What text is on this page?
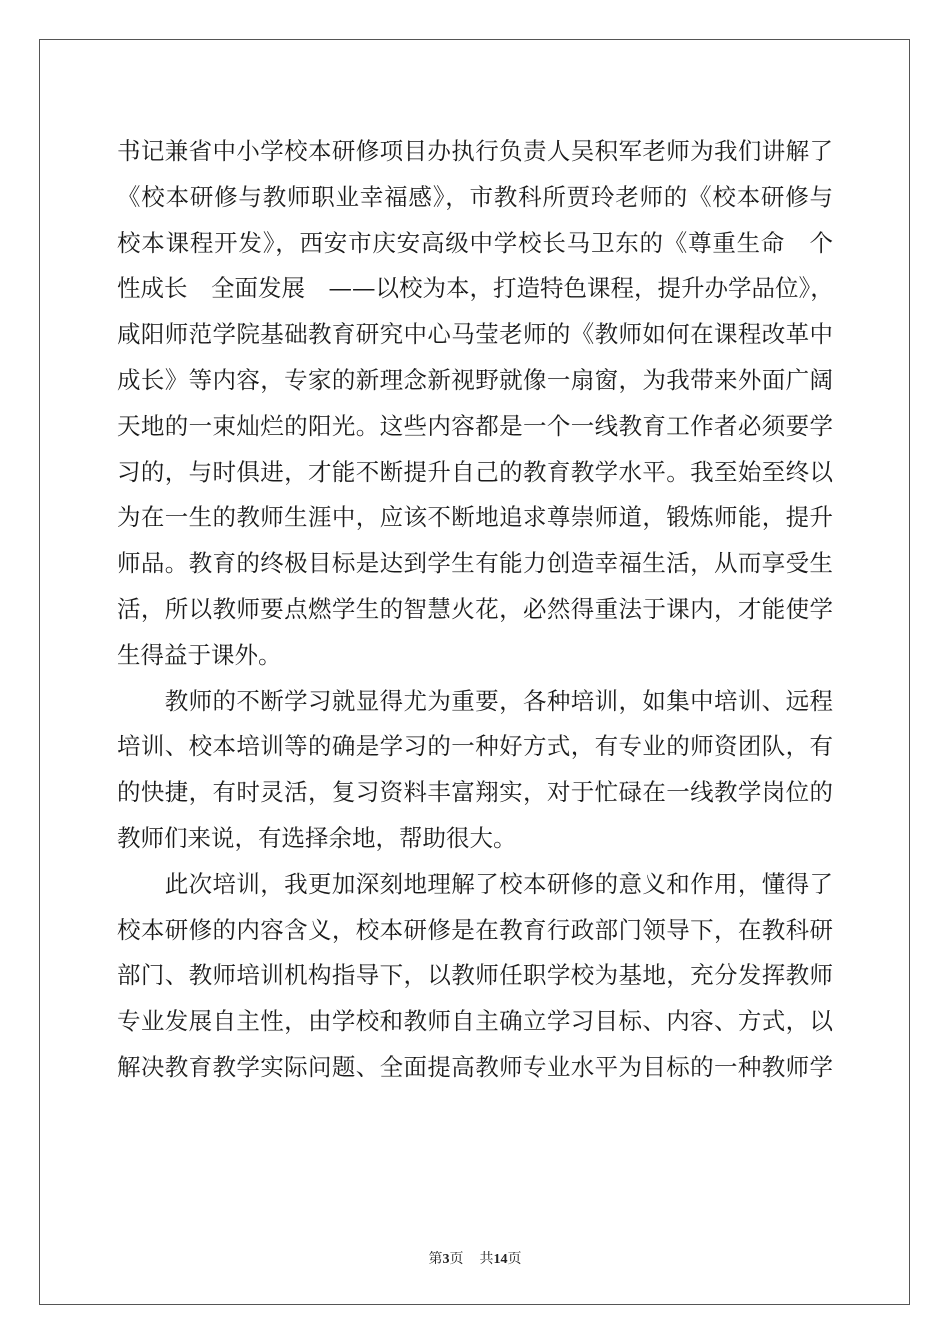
书记兼省中小学校本研修项目办执行负责人吴积军老师为我们讲解了
《校本研修与教师职业幸福感》，市教科所贾玲老师的《校本研修与
校本课程开发》，西安市庆安高级中学校长马卫东的《尊重生命　个
性成长　全面发展　——以校为本，打造特色课程，提升办学品位》，
咸阳师范学院基础教育研究中心马莹老师的《教师如何在课程改革中
成长》等内容，专家的新理念新视野就像一扇窗，为我带来外面广阔
天地的一束灿烂的阳光。这些内容都是一个一线教育工作者必须要学
习的，与时俱进，才能不断提升自己的教育教学水平。我至始至终以
为在一生的教师生涯中，应该不断地追求尊崇师道，锻炼师能，提升
师品。教育的终极目标是达到学生有能力创造幸福生活，从而享受生
活，所以教师要点燃学生的智慧火花，必然得重法于课内，才能使学
生得益于课外。
　　教师的不断学习就显得尤为重要，各种培训，如集中培训、远程
培训、校本培训等的确是学习的一种好方式，有专业的师资团队，有
的快捷，有时灵活，复习资料丰富翔实，对于忙碌在一线教学岗位的
教师们来说，有选择余地，帮助很大。
　　此次培训，我更加深刻地理解了校本研修的意义和作用，懂得了
校本研修的内容含义，校本研修是在教育行政部门领导下，在教科研
部门、教师培训机构指导下，以教师任职学校为基地，充分发挥教师
专业发展自主性，由学校和教师自主确立学习目标、内容、方式，以
解决教育教学实际问题、全面提高教师专业水平为目标的一种教师学
第3页 共14页
